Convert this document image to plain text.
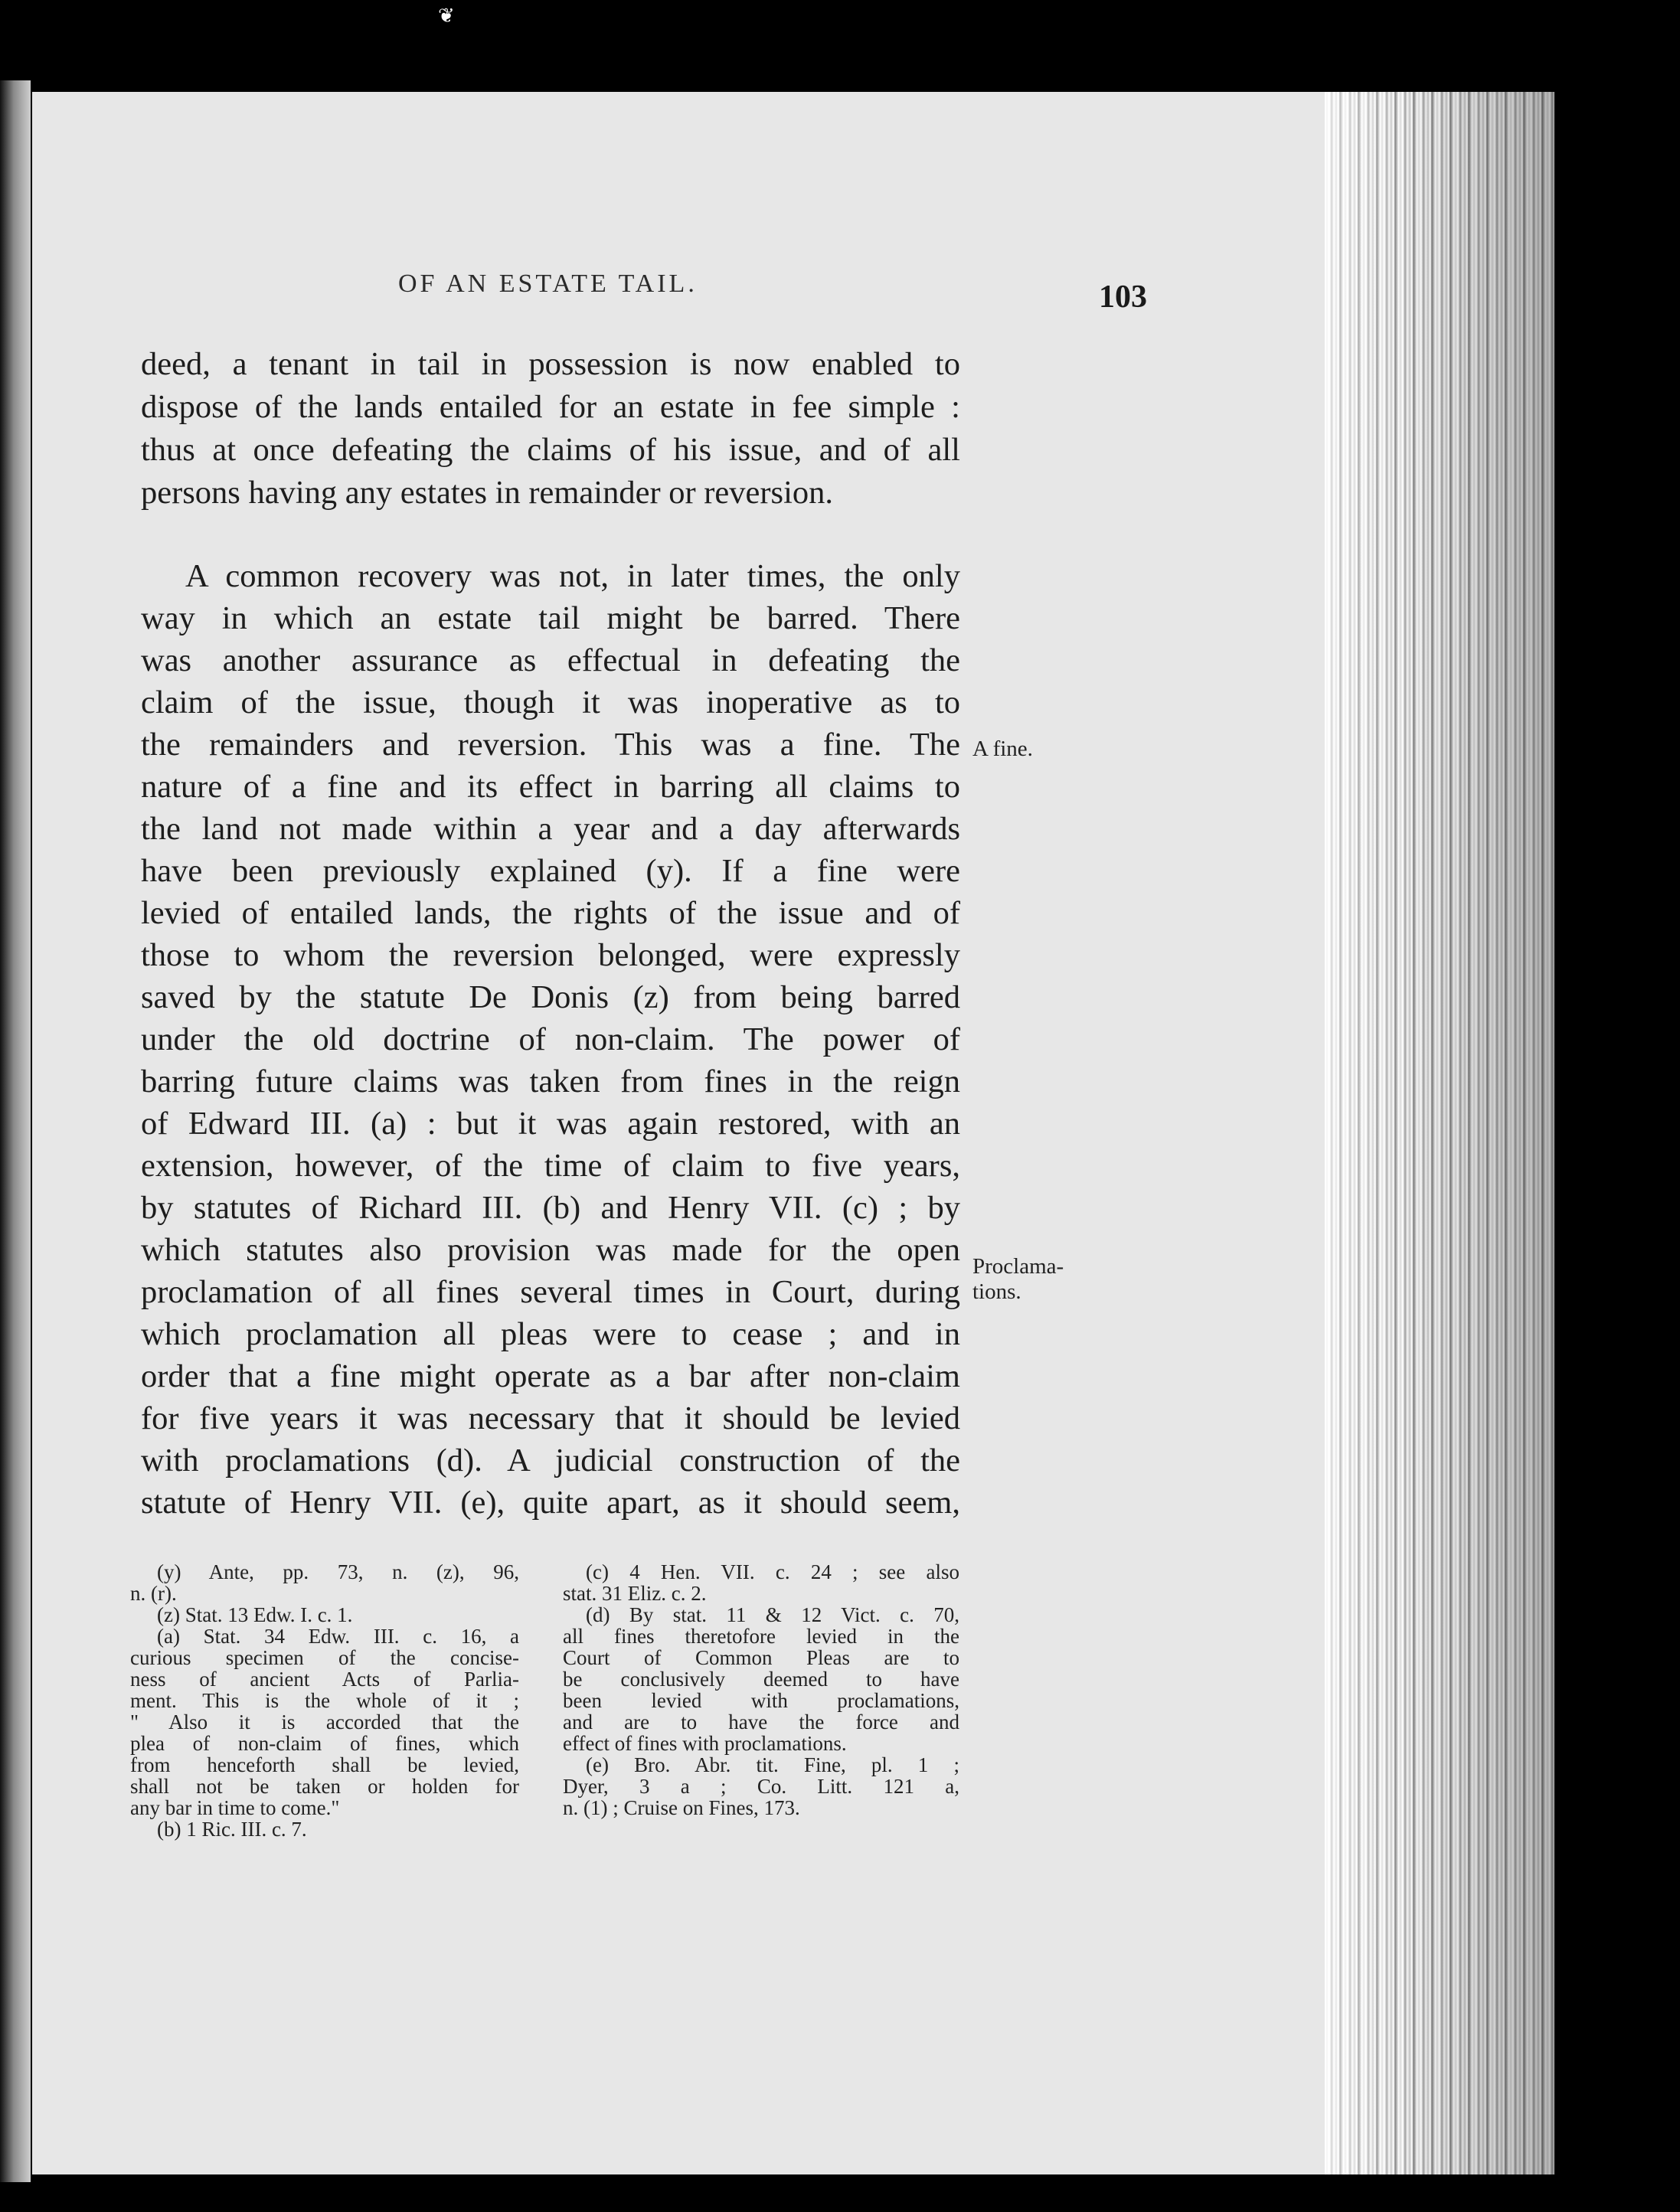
❦
OF AN ESTATE TAIL.	103
deed, a tenant in tail in possession is now enabled to
dispose of the lands entailed for an estate in fee simple :
thus at once defeating the claims of his issue, and of all
persons having any estates in remainder or reversion.
A common recovery was not, in later times, the only
way in which an estate tail might be barred. There
was another assurance as effectual in defeating the
claim of the issue, though it was inoperative as to
the remainders and reversion. This was a fine. The
nature of a fine and its effect in barring all claims to
the land not made within a year and a day afterwards
have been previously explained (y). If a fine were
levied of entailed lands, the rights of the issue and of
those to whom the reversion belonged, were expressly
saved by the statute De Donis (z) from being barred
under the old doctrine of non-claim. The power of
barring future claims was taken from fines in the reign
of Edward III. (a) : but it was again restored, with an
extension, however, of the time of claim to five years,
by statutes of Richard III. (b) and Henry VII. (c) ; by
which statutes also provision was made for the open
proclamation of all fines several times in Court, during
which proclamation all pleas were to cease ; and in
order that a fine might operate as a bar after non-claim
for five years it was necessary that it should be levied
with proclamations (d). A judicial construction of the
statute of Henry VII. (e), quite apart, as it should seem,
A fine.
Proclama-
tions.
(y) Ante, pp. 73, n. (z), 96,
n. (r).
(z) Stat. 13 Edw. I. c. 1.
(a) Stat. 34 Edw. III. c. 16, a
curious specimen of the concise-
ness of ancient Acts of Parlia-
ment. This is the whole of it ;
" Also it is accorded that the
plea of non-claim of fines, which
from henceforth shall be levied,
shall not be taken or holden for
any bar in time to come."
(b) 1 Ric. III. c. 7.
(c) 4 Hen. VII. c. 24 ; see also
stat. 31 Eliz. c. 2.
(d) By stat. 11 & 12 Vict. c. 70,
all fines theretofore levied in the
Court of Common Pleas are to
be conclusively deemed to have
been levied with proclamations,
and are to have the force and
effect of fines with proclamations.
(e) Bro. Abr. tit. Fine, pl. 1 ;
Dyer, 3 a ; Co. Litt. 121 a,
n. (1) ; Cruise on Fines, 173.
